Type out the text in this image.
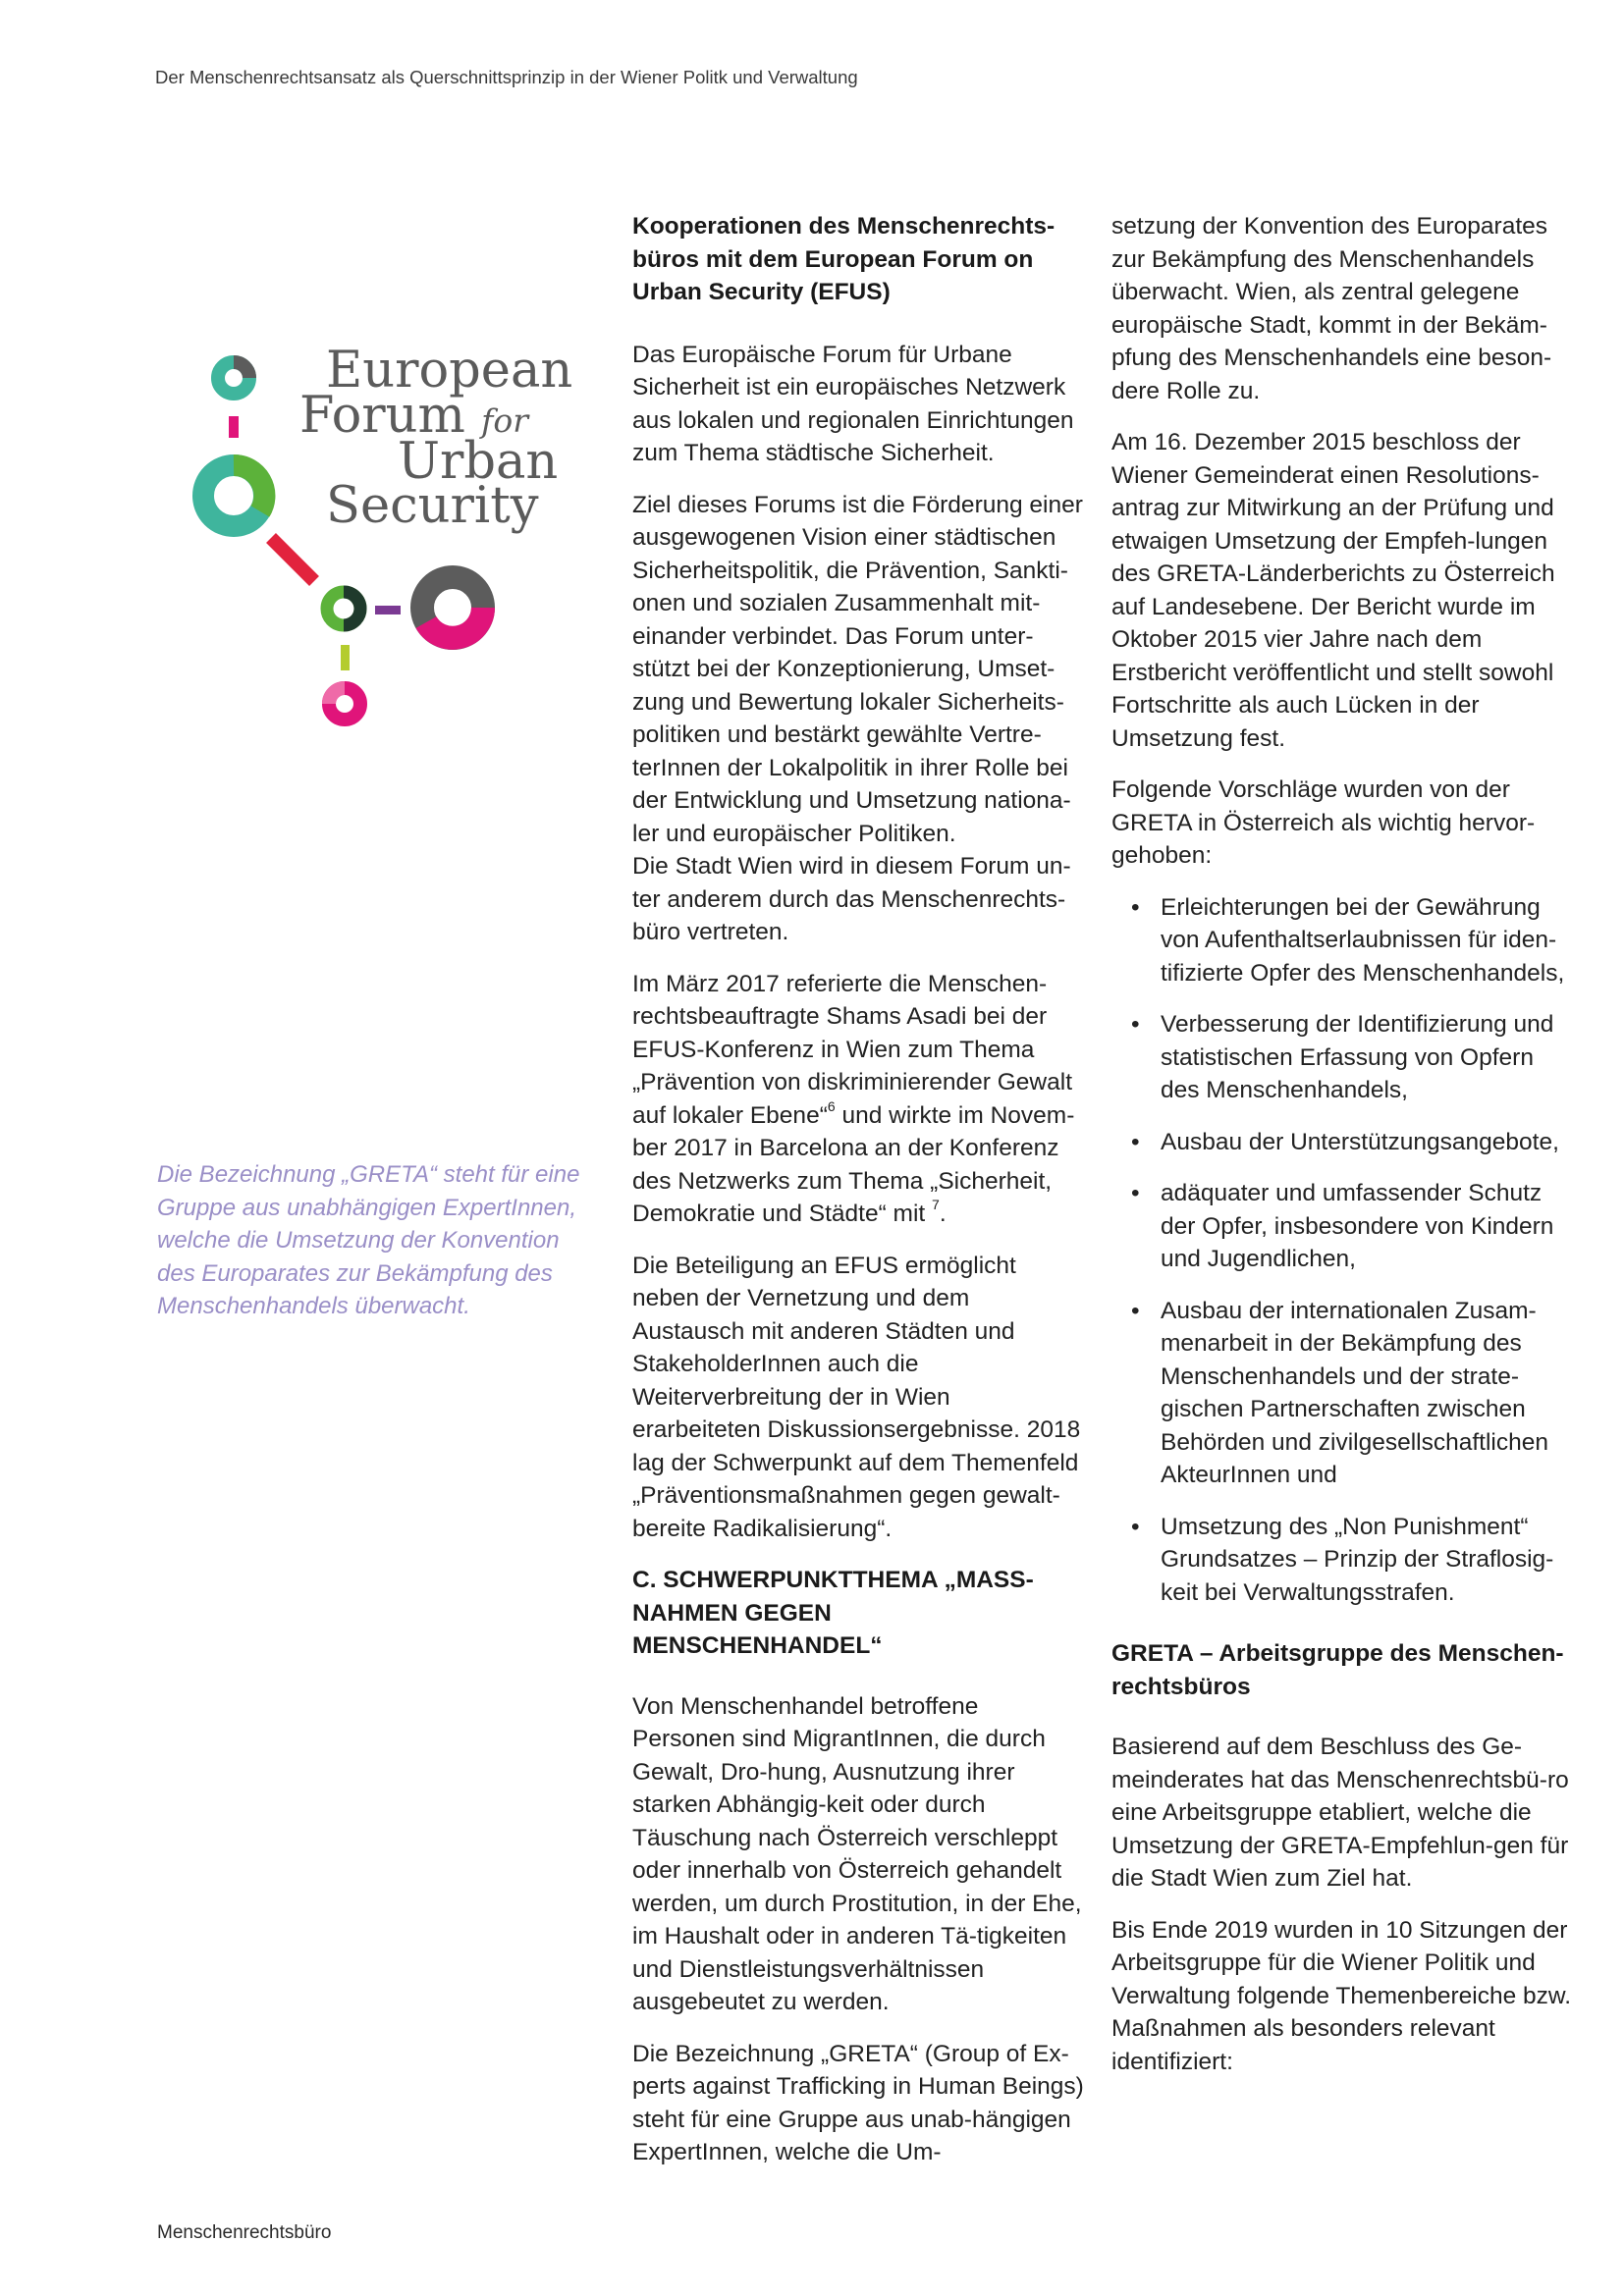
Der Menschenrechtsansatz als Querschnittsprinzip in der Wiener Politk und Verwaltung
European
Forum for
Urban
Security
Die Bezeichnung „GRETA“ steht für eine Gruppe aus unabhängigen ExpertInnen, welche die Umsetzung der Konvention des Europarates zur Bekämpfung des Menschenhandels überwacht.
Kooperationen des Menschenrechts-büros mit dem European Forum on Urban Security (EFUS)

Das Europäische Forum für Urbane Sicherheit ist ein europäisches Netzwerk aus lokalen und regionalen Einrichtungen zum Thema städtische Sicherheit.

Ziel dieses Forums ist die Förderung einer ausgewogenen Vision einer städtischen Sicherheitspolitik, die Prävention, Sankti-onen und sozialen Zusammenhalt mit-einander verbindet. Das Forum unter-stützt bei der Konzeptionierung, Umset-zung und Bewertung lokaler Sicherheits-politiken und bestärkt gewählte Vertre-terInnen der Lokalpolitik in ihrer Rolle bei der Entwicklung und Umsetzung nationa-ler und europäischer Politiken.
Die Stadt Wien wird in diesem Forum un-ter anderem durch das Menschenrechts-büro vertreten.

Im März 2017 referierte die Menschen-rechtsbeauftragte Shams Asadi bei der EFUS-Konferenz in Wien zum Thema „Prävention von diskriminierender Gewalt auf lokaler Ebene“$^6$ und wirkte im Novem-ber 2017 in Barcelona an der Konferenz des Netzwerks zum Thema „Sicherheit, Demokratie und Städte“ mit $^7$.

Die Beteiligung an EFUS ermöglicht neben der Vernetzung und dem Austausch mit anderen Städten und StakeholderInnen auch die Weiterverbreitung der in Wien erarbeiteten Diskussionsergebnisse. 2018 lag der Schwerpunkt auf dem Themenfeld „Präventionsmaßnahmen gegen gewalt-bereite Radikalisierung“.

C. SCHWERPUNKTTHEMA „MASS-NAHMEN GEGEN MENSCHENHANDEL“

Von Menschenhandel betroffene Personen sind MigrantInnen, die durch Gewalt, Dro-hung, Ausnutzung ihrer starken Abhängig-keit oder durch Täuschung nach Österreich verschleppt oder innerhalb von Österreich gehandelt werden, um durch Prostitution, in der Ehe, im Haushalt oder in anderen Tä-tigkeiten und Dienstleistungsverhältnissen ausgebeutet zu werden.

Die Bezeichnung „GRETA“ (Group of Ex-perts against Trafficking in Human Beings) steht für eine Gruppe aus unab-hängigen ExpertInnen, welche die Um-

setzung der Konvention des Europarates zur Bekämpfung des Menschenhandels überwacht. Wien, als zentral gelegene europäische Stadt, kommt in der Bekäm-pfung des Menschenhandels eine beson-dere Rolle zu.

Am 16. Dezember 2015 beschloss der Wiener Gemeinderat einen Resolutions-antrag zur Mitwirkung an der Prüfung und etwaigen Umsetzung der Empfeh-lungen des GRETA-Länderberichts zu Österreich auf Landesebene. Der Bericht wurde im Oktober 2015 vier Jahre nach dem Erstbericht veröffentlicht und stellt sowohl Fortschritte als auch Lücken in der Umsetzung fest.

Folgende Vorschläge wurden von der GRETA in Österreich als wichtig hervor-gehoben:

• Erleichterungen bei der Gewährung von Aufenthaltserlaubnissen für iden-tifizierte Opfer des Menschenhandels,
• Verbesserung der Identifizierung und statistischen Erfassung von Opfern des Menschenhandels,
• Ausbau der Unterstützungsangebote,
• adäquater und umfassender Schutz der Opfer, insbesondere von Kindern und Jugendlichen,
• Ausbau der internationalen Zusam-menarbeit in der Bekämpfung des Menschenhandels und der strate-gischen Partnerschaften zwischen Behörden und zivilgesellschaftlichen AkteurInnen und
• Umsetzung des „Non Punishment“ Grundsatzes – Prinzip der Straflosig-keit bei Verwaltungsstrafen.
GRETA – Arbeitsgruppe des Menschen-rechtsbüros

Basierend auf dem Beschluss des Ge-meinderates hat das Menschenrechtsbü-ro eine Arbeitsgruppe etabliert, welche die Umsetzung der GRETA-Empfehlun-gen für die Stadt Wien zum Ziel hat.

Bis Ende 2019 wurden in 10 Sitzungen der Arbeitsgruppe für die Wiener Politik und Verwaltung folgende Themenbereiche bzw. Maßnahmen als besonders relevant identifiziert:

Menschenrechtsbüro
